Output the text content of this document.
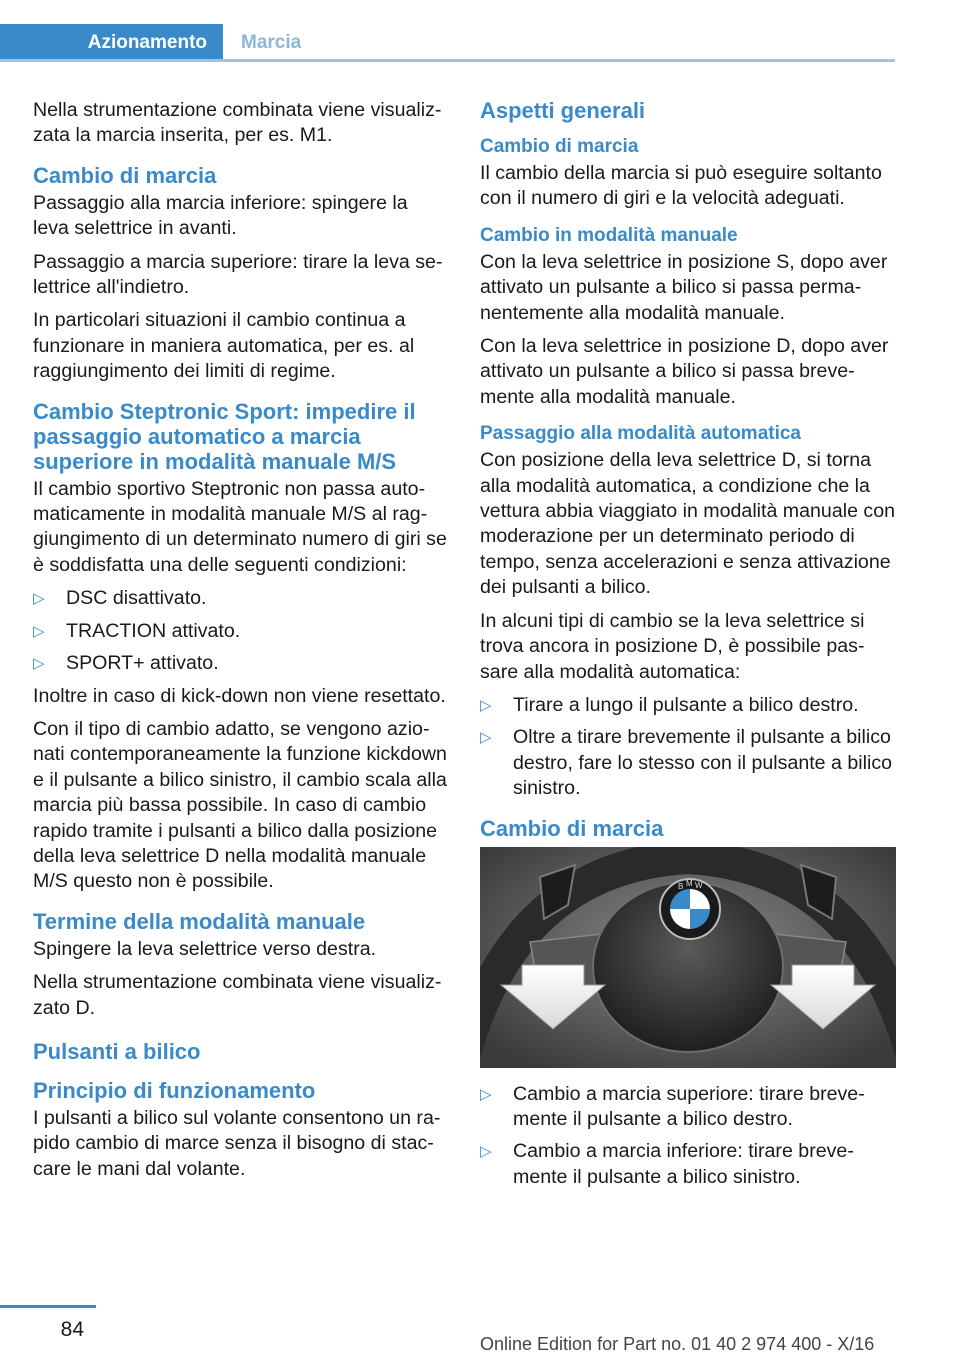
Azionamento	Marcia

Nella strumentazione combinata viene visualizzata la marcia inserita, per es. M1.

Cambio di marcia

Passaggio alla marcia inferiore: spingere la leva selettrice in avanti.

Passaggio a marcia superiore: tirare la leva selettrice all'indietro.

In particolari situazioni il cambio continua a funzionare in maniera automatica, per es. al raggiungimento dei limiti di regime.

Cambio Steptronic Sport: impedire il passaggio automatico a marcia superiore in modalità manuale M/S

Il cambio sportivo Steptronic non passa automaticamente in modalità manuale M/S al raggiungimento di un determinato numero di giri se è soddisfatta una delle seguenti condizioni:

▷ DSC disattivato.
▷ TRACTION attivato.
▷ SPORT+ attivato.

Inoltre in caso di kick-down non viene resettato.

Con il tipo di cambio adatto, se vengono azionati contemporaneamente la funzione kickdown e il pulsante a bilico sinistro, il cambio scala alla marcia più bassa possibile. In caso di cambio rapido tramite i pulsanti a bilico dalla posizione della leva selettrice D nella modalità manuale M/S questo non è possibile.

Termine della modalità manuale

Spingere la leva selettrice verso destra.

Nella strumentazione combinata viene visualizzato D.

Pulsanti a bilico
Principio di funzionamento

I pulsanti a bilico sul volante consentono un rapido cambio di marce senza il bisogno di staccare le mani dal volante.

Aspetti generali
Cambio di marcia

Il cambio della marcia si può eseguire soltanto con il numero di giri e la velocità adeguati.

Cambio in modalità manuale

Con la leva selettrice in posizione S, dopo aver attivato un pulsante a bilico si passa permanentemente alla modalità manuale.

Con la leva selettrice in posizione D, dopo aver attivato un pulsante a bilico si passa brevemente alla modalità manuale.

Passaggio alla modalità automatica

Con posizione della leva selettrice D, si torna alla modalità automatica, a condizione che la vettura abbia viaggiato in modalità manuale con moderazione per un determinato periodo di tempo, senza accelerazioni e senza attivazione dei pulsanti a bilico.

In alcuni tipi di cambio se la leva selettrice si trova ancora in posizione D, è possibile passare alla modalità automatica:

▷ Tirare a lungo il pulsante a bilico destro.
▷ Oltre a tirare brevemente il pulsante a bilico destro, fare lo stesso con il pulsante a bilico sinistro.
Cambio di marcia
B M W
▷ Cambio a marcia superiore: tirare brevemente il pulsante a bilico destro.
▷ Cambio a marcia inferiore: tirare brevemente il pulsante a bilico sinistro.
84
Online Edition for Part no. 01 40 2 974 400 - X/16
